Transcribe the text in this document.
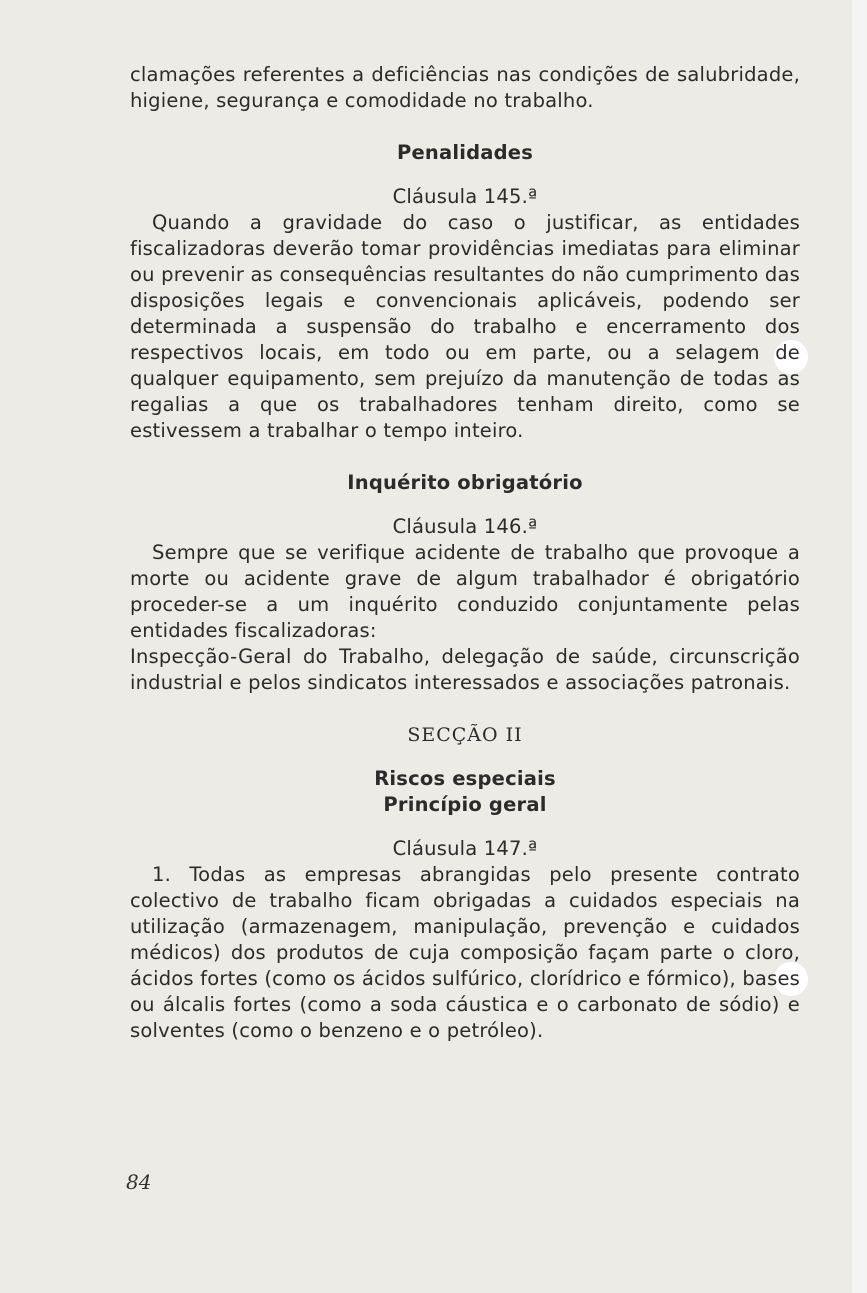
clamações referentes a deficiências nas condições de salubridade, higiene, segurança e comodidade no trabalho.

Penalidades

Cláusula 145.ª

Quando a gravidade do caso o justificar, as entidades fiscalizadoras deverão tomar providências imediatas para eliminar ou prevenir as consequências resultantes do não cumprimento das disposições legais e convencionais aplicáveis, podendo ser determinada a suspensão do trabalho e encerramento dos respectivos locais, em todo ou em parte, ou a selagem de qualquer equipamento, sem prejuízo da manutenção de todas as regalias a que os trabalhadores tenham direito, como se estivessem a trabalhar o tempo inteiro.

Inquérito obrigatório

Cláusula 146.ª

Sempre que se verifique acidente de trabalho que provoque a morte ou acidente grave de algum trabalhador é obrigatório proceder-se a um inquérito conduzido conjuntamente pelas entidades fiscalizadoras:

Inspecção-Geral do Trabalho, delegação de saúde, circunscrição industrial e pelos sindicatos interessados e associações patronais.

SECÇÃO II

Riscos especiais

Princípio geral

Cláusula 147.ª

1. Todas as empresas abrangidas pelo presente contrato colectivo de trabalho ficam obrigadas a cuidados especiais na utilização (armazenagem, manipulação, prevenção e cuidados médicos) dos produtos de cuja composição façam parte o cloro, ácidos fortes (como os ácidos sulfúrico, clorídrico e fórmico), bases ou álcalis fortes (como a soda cáustica e o carbonato de sódio) e solventes (como o benzeno e o petróleo).

84
